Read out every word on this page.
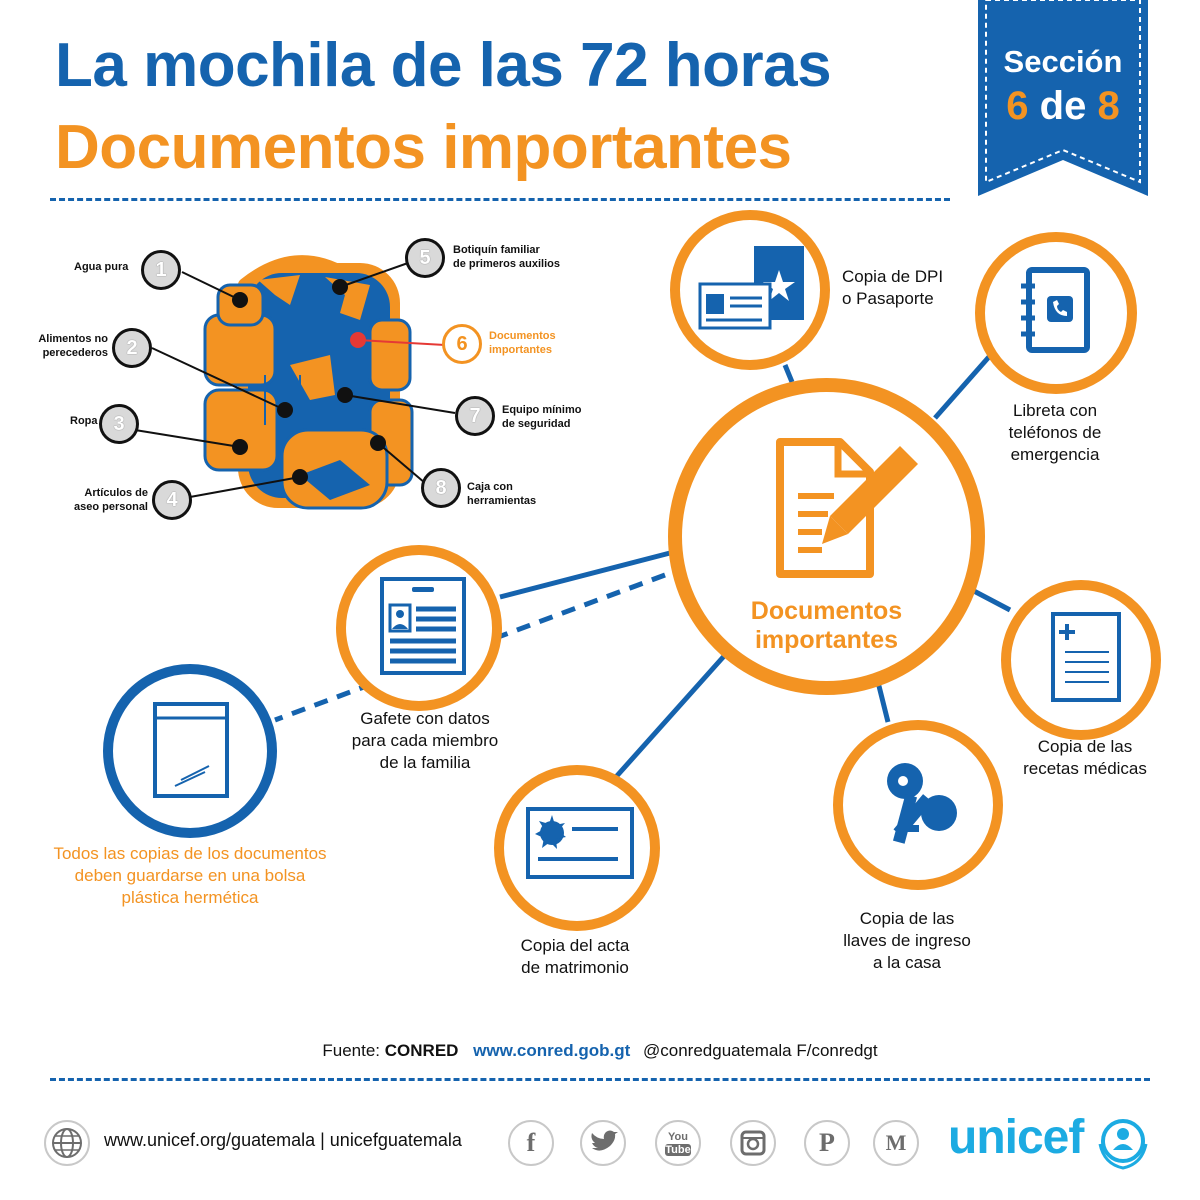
La mochila de las 72 horas
Documentos importantes
Sección
6 de 8
1
2
3
4
5
6
7
8
Agua pura
Alimentos no
perecederos
Ropa
Artículos de
aseo personal
Botiquín familiar
de primeros auxilios
Documentos
importantes
Equipo mínimo
de seguridad
Caja con
herramientas
Documentos
importantes
Copia de DPI
o Pasaporte
Libreta con
teléfonos de
emergencia
Copia de las
recetas médicas
Copia de las
llaves de ingreso
a la casa
Copia del acta
de matrimonio
Gafete con datos
para cada miembro
de la familia
Todos las copias de los documentos
deben guardarse en una bolsa
plástica hermética
Fuente: CONRED www.conred.gob.gt @conredguatemala F/conredgt
www.unicef.org/guatemala | unicefguatemala	f	You
Tube	P	M unicef
